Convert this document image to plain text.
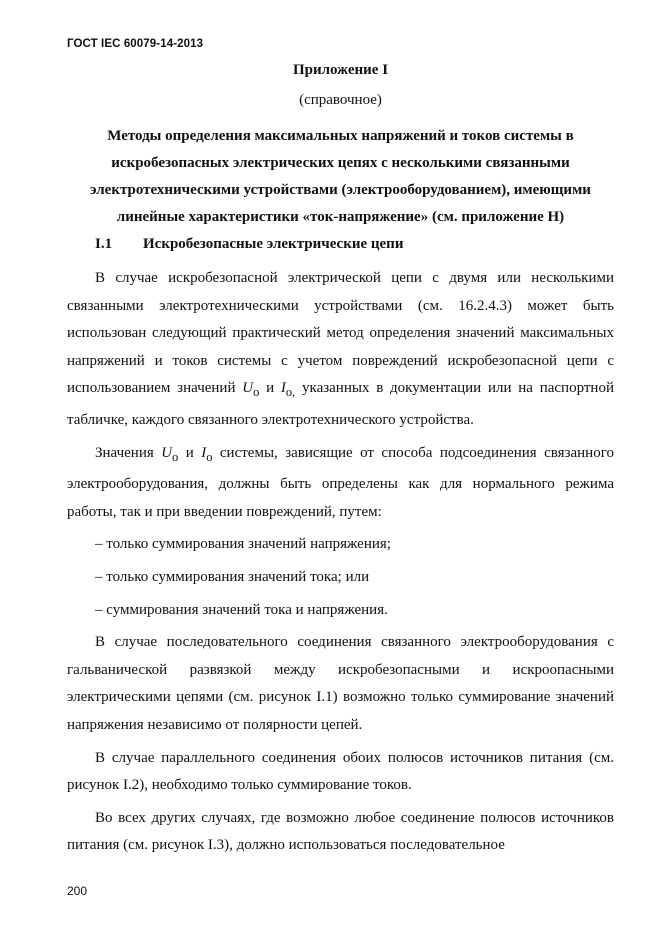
ГОСТ IEC 60079-14-2013
Приложение I
(справочное)
Методы определения максимальных напряжений и токов системы в искробезопасных электрических цепях с несколькими связанными электротехническими устройствами (электрооборудованием), имеющими линейные характеристики «ток-напряжение» (см. приложение H)
I.1 Искробезопасные электрические цепи

В случае искробезопасной электрической цепи с двумя или несколькими связанными электротехническими устройствами (см. 16.2.4.3) может быть использован следующий практический метод определения значений максимальных напряжений и токов системы с учетом повреждений искробезопасной цепи с использованием значений $U_o$ и $I_{o,}$ указанных в документации или на паспортной табличке, каждого связанного электротехнического устройства.

Значения $U_o$ и $I_o$ системы, зависящие от способа подсоединения связанного электрооборудования, должны быть определены как для нормального режима работы, так и при введении повреждений, путем:

– только суммирования значений напряжения;

– только суммирования значений тока; или

– суммирования значений тока и напряжения.

В случае последовательного соединения связанного электрооборудования с гальванической развязкой между искробезопасными и искроопасными электрическими цепями (см. рисунок I.1) возможно только суммирование значений напряжения независимо от полярности цепей.

В случае параллельного соединения обоих полюсов источников питания (см. рисунок I.2), необходимо только суммирование токов.

Во всех других случаях, где возможно любое соединение полюсов источников питания (см. рисунок I.3), должно использоваться последовательное

200
